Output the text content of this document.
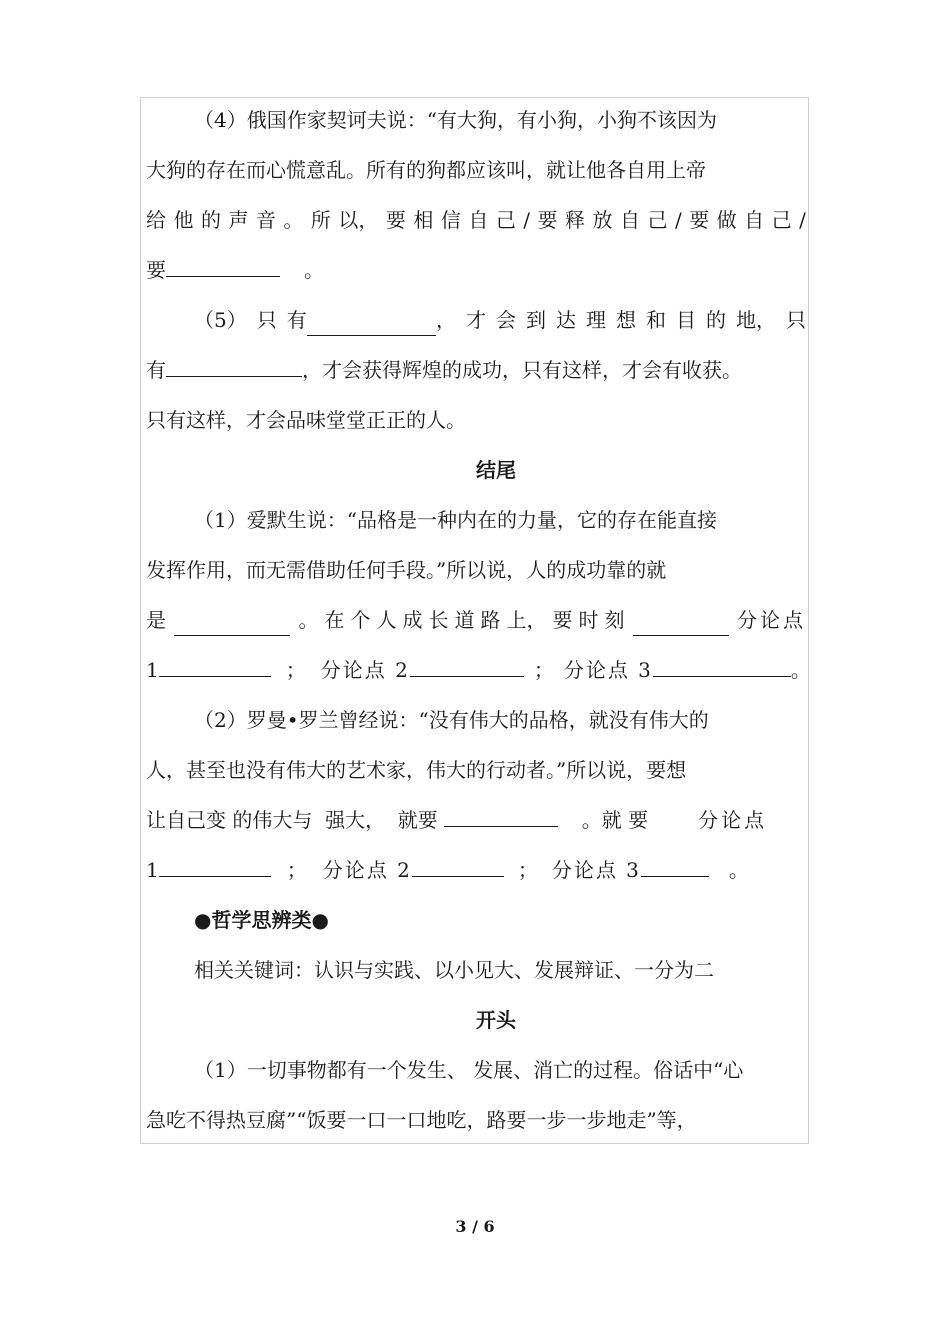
（4）俄国作家契诃夫说：“有大狗，有小狗，小狗不该因为
大狗的存在而心慌意乱。所有的狗都应该叫，就让他各自用上帝
给 他 的 声 音 。 所 以， 要 相 信 自 己 / 要 释 放 自 己 / 要 做 自 己 /
要	。
（5） 只 有	， 才 会 到 达 理 想 和 目 的 地， 只
有	，才会获得辉煌的成功，只有这样，才会有收获。
只有这样，才会品味堂堂正正的人。
结尾
（1）爱默生说：“品格是一种内在的力量，它的存在能直接
发挥作用，而无需借助任何手段。”所以说，人的成功靠的就
是	。 在 个 人 成 长 道 路 上， 要 时 刻	分论点
1	； 分论点 2	； 分论点 3	。
（2）罗曼•罗兰曾经说：“没有伟大的品格，就没有伟大的
人，甚至也没有伟大的艺术家，伟大的行动者。”所以说，要想
让自己变 的伟大与  强大，  就要	。就 要	分论点
1	； 分论点 2	； 分论点 3	。
●哲学思辨类●
相关关键词：认识与实践、以小见大、发展辩证、一分为二
开头
（1）一切事物都有一个发生、 发展、消亡的过程。俗话中“心
急吃不得热豆腐”“饭要一口一口地吃，路要一步一步地走”等，
3 / 6
